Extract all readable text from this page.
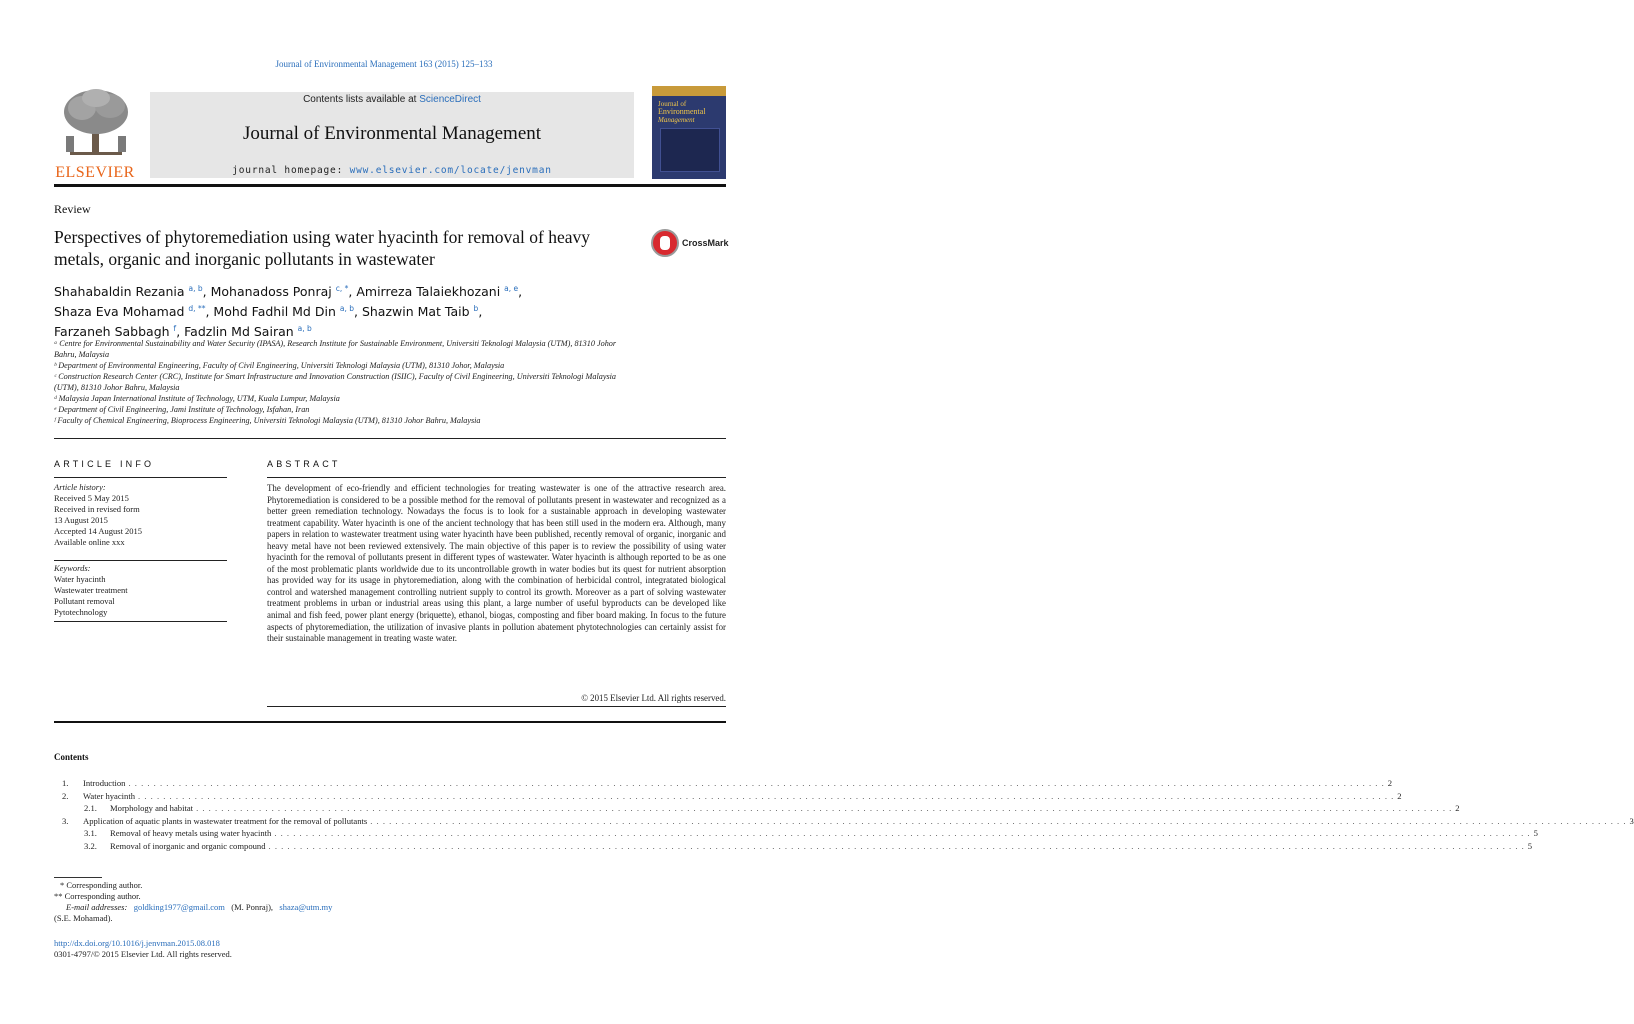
Journal of Environmental Management 163 (2015) 125–133
ELSEVIER
Contents lists available at ScienceDirect
Journal of Environmental Management
journal homepage: www.elsevier.com/locate/jenvman
Journal of
Environmental
Management
Review
Perspectives of phytoremediation using water hyacinth for removal of heavy metals, organic and inorganic pollutants in wastewater
CrossMark
Shahabaldin Rezania $^{a, b}$, Mohanadoss Ponraj $^{c, *}$, Amirreza Talaiekhozani $^{a, e}$,
Shaza Eva Mohamad $^{d, **}$, Mohd Fadhil Md Din $^{a, b}$, Shazwin Mat Taib $^b$,
Farzaneh Sabbagh $^f$, Fadzlin Md Sairan $^{a, b}$
ᵃ Centre for Environmental Sustainability and Water Security (IPASA), Research Institute for Sustainable Environment, Universiti Teknologi Malaysia (UTM), 81310 Johor Bahru, Malaysia
ᵇ Department of Environmental Engineering, Faculty of Civil Engineering, Universiti Teknologi Malaysia (UTM), 81310 Johor, Malaysia
ᶜ Construction Research Center (CRC), Institute for Smart Infrastructure and Innovation Construction (ISIIC), Faculty of Civil Engineering, Universiti Teknologi Malaysia (UTM), 81310 Johor Bahru, Malaysia
ᵈ Malaysia Japan International Institute of Technology, UTM, Kuala Lumpur, Malaysia
ᵉ Department of Civil Engineering, Jami Institute of Technology, Isfahan, Iran
ᶠ Faculty of Chemical Engineering, Bioprocess Engineering, Universiti Teknologi Malaysia (UTM), 81310 Johor Bahru, Malaysia
ARTICLE INFO	ABSTRACT
Article history:
Received 5 May 2015
Received in revised form
13 August 2015
Accepted 14 August 2015
Available online xxx
Keywords:
Water hyacinth
Wastewater treatment
Pollutant removal
Pytotechnology
The development of eco-friendly and efficient technologies for treating wastewater is one of the attractive research area. Phytoremediation is considered to be a possible method for the removal of pollutants present in wastewater and recognized as a better green remediation technology. Nowadays the focus is to look for a sustainable approach in developing wastewater treatment capability. Water hyacinth is one of the ancient technology that has been still used in the modern era. Although, many papers in relation to wastewater treatment using water hyacinth have been published, recently removal of organic, inorganic and heavy metal have not been reviewed extensively. The main objective of this paper is to review the possibility of using water hyacinth for the removal of pollutants present in different types of wastewater. Water hyacinth is although reported to be as one of the most problematic plants worldwide due to its uncontrollable growth in water bodies but its quest for nutrient absorption has provided way for its usage in phytoremediation, along with the combination of herbicidal control, integratated biological control and watershed management controlling nutrient supply to control its growth. Moreover as a part of solving wastewater treatment problems in urban or industrial areas using this plant, a large number of useful byproducts can be developed like animal and fish feed, power plant energy (briquette), ethanol, biogas, composting and fiber board making. In focus to the future aspects of phytoremediation, the utilization of invasive plants in pollution abatement phytotechnologies can certainly assist for their sustainable management in treating waste water.
© 2015 Elsevier Ltd. All rights reserved.
Contents
1.	Introduction . . . . . . . . . . . . . . . . . . . . . . . . . . . . . . . . . . . . . . . . . . . . . . . . . . . . . . . . . . . . . . . . . . . . . . . . . . . . . . . . . . . . . . . . . . . . . . . . . . . . . . . . . . . . . . . . . . . . . . . . . . . . . . . . . . . . . . . . . . . . . . . . . . . . . . . . . . . . . . . . . . . . . . . . . . . . . . . . . . . . . . . . . . . . . . . . . . . . . . . . 2
2.	Water hyacinth . . . . . . . . . . . . . . . . . . . . . . . . . . . . . . . . . . . . . . . . . . . . . . . . . . . . . . . . . . . . . . . . . . . . . . . . . . . . . . . . . . . . . . . . . . . . . . . . . . . . . . . . . . . . . . . . . . . . . . . . . . . . . . . . . . . . . . . . . . . . . . . . . . . . . . . . . . . . . . . . . . . . . . . . . . . . . . . . . . . . . . . . . . . . . . . . . . . . . . . . 2
2.1.	Morphology and habitat . . . . . . . . . . . . . . . . . . . . . . . . . . . . . . . . . . . . . . . . . . . . . . . . . . . . . . . . . . . . . . . . . . . . . . . . . . . . . . . . . . . . . . . . . . . . . . . . . . . . . . . . . . . . . . . . . . . . . . . . . . . . . . . . . . . . . . . . . . . . . . . . . . . . . . . . . . . . . . . . . . . . . . . . . . . . . . . . . . . . . . . . . . . . . . . . . . . . . . . . 2
3.	Application of aquatic plants in wastewater treatment for the removal of pollutants . . . . . . . . . . . . . . . . . . . . . . . . . . . . . . . . . . . . . . . . . . . . . . . . . . . . . . . . . . . . . . . . . . . . . . . . . . . . . . . . . . . . . . . . . . . . . . . . . . . . . . . . . . . . . . . . . . . . . . . . . . . . . . . . . . . . . . . . . . . . . . . . . . . . . . . . . . . . . . . . . . . . . . . . . . . . . . . . . . . . . . . . . . . . . . . . . . . . . . . . 3
3.1.	Removal of heavy metals using water hyacinth . . . . . . . . . . . . . . . . . . . . . . . . . . . . . . . . . . . . . . . . . . . . . . . . . . . . . . . . . . . . . . . . . . . . . . . . . . . . . . . . . . . . . . . . . . . . . . . . . . . . . . . . . . . . . . . . . . . . . . . . . . . . . . . . . . . . . . . . . . . . . . . . . . . . . . . . . . . . . . . . . . . . . . . . . . . . . . . . . . . . . . . . . . . . . . . . . . . . . . . . 5
3.2.	Removal of inorganic and organic compound . . . . . . . . . . . . . . . . . . . . . . . . . . . . . . . . . . . . . . . . . . . . . . . . . . . . . . . . . . . . . . . . . . . . . . . . . . . . . . . . . . . . . . . . . . . . . . . . . . . . . . . . . . . . . . . . . . . . . . . . . . . . . . . . . . . . . . . . . . . . . . . . . . . . . . . . . . . . . . . . . . . . . . . . . . . . . . . . . . . . . . . . . . . . . . . . . . . . . . . . 5
* Corresponding author.
** Corresponding author.
E-mail addresses: goldking1977@gmail.com (M. Ponraj), shaza@utm.my
(S.E. Mohamad).
http://dx.doi.org/10.1016/j.jenvman.2015.08.018
0301-4797/© 2015 Elsevier Ltd. All rights reserved.
